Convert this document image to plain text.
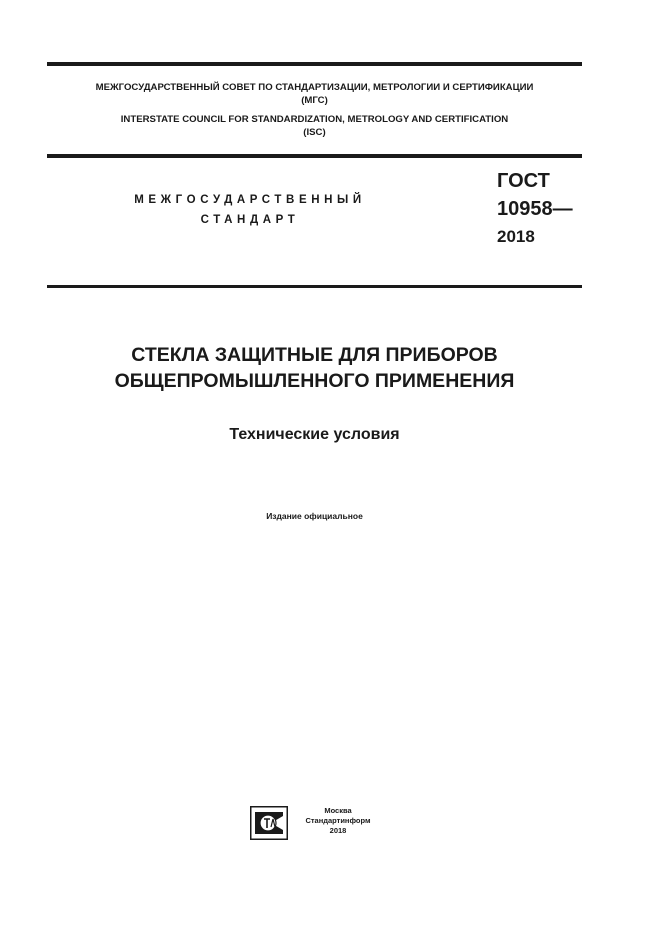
МЕЖГОСУДАРСТВЕННЫЙ СОВЕТ ПО СТАНДАРТИЗАЦИИ, МЕТРОЛОГИИ И СЕРТИФИКАЦИИ
(МГС)
INTERSTATE COUNCIL FOR STANDARDIZATION, METROLOGY AND CERTIFICATION
(ISC)
МЕЖГОСУДАРСТВЕННЫЙ
СТАНДАРТ
ГОСТ
10958—
2018
СТЕКЛА ЗАЩИТНЫЕ ДЛЯ ПРИБОРОВ
ОБЩЕПРОМЫШЛЕННОГО ПРИМЕНЕНИЯ
Технические условия
Издание официальное
Москва
Стандартинформ
2018
